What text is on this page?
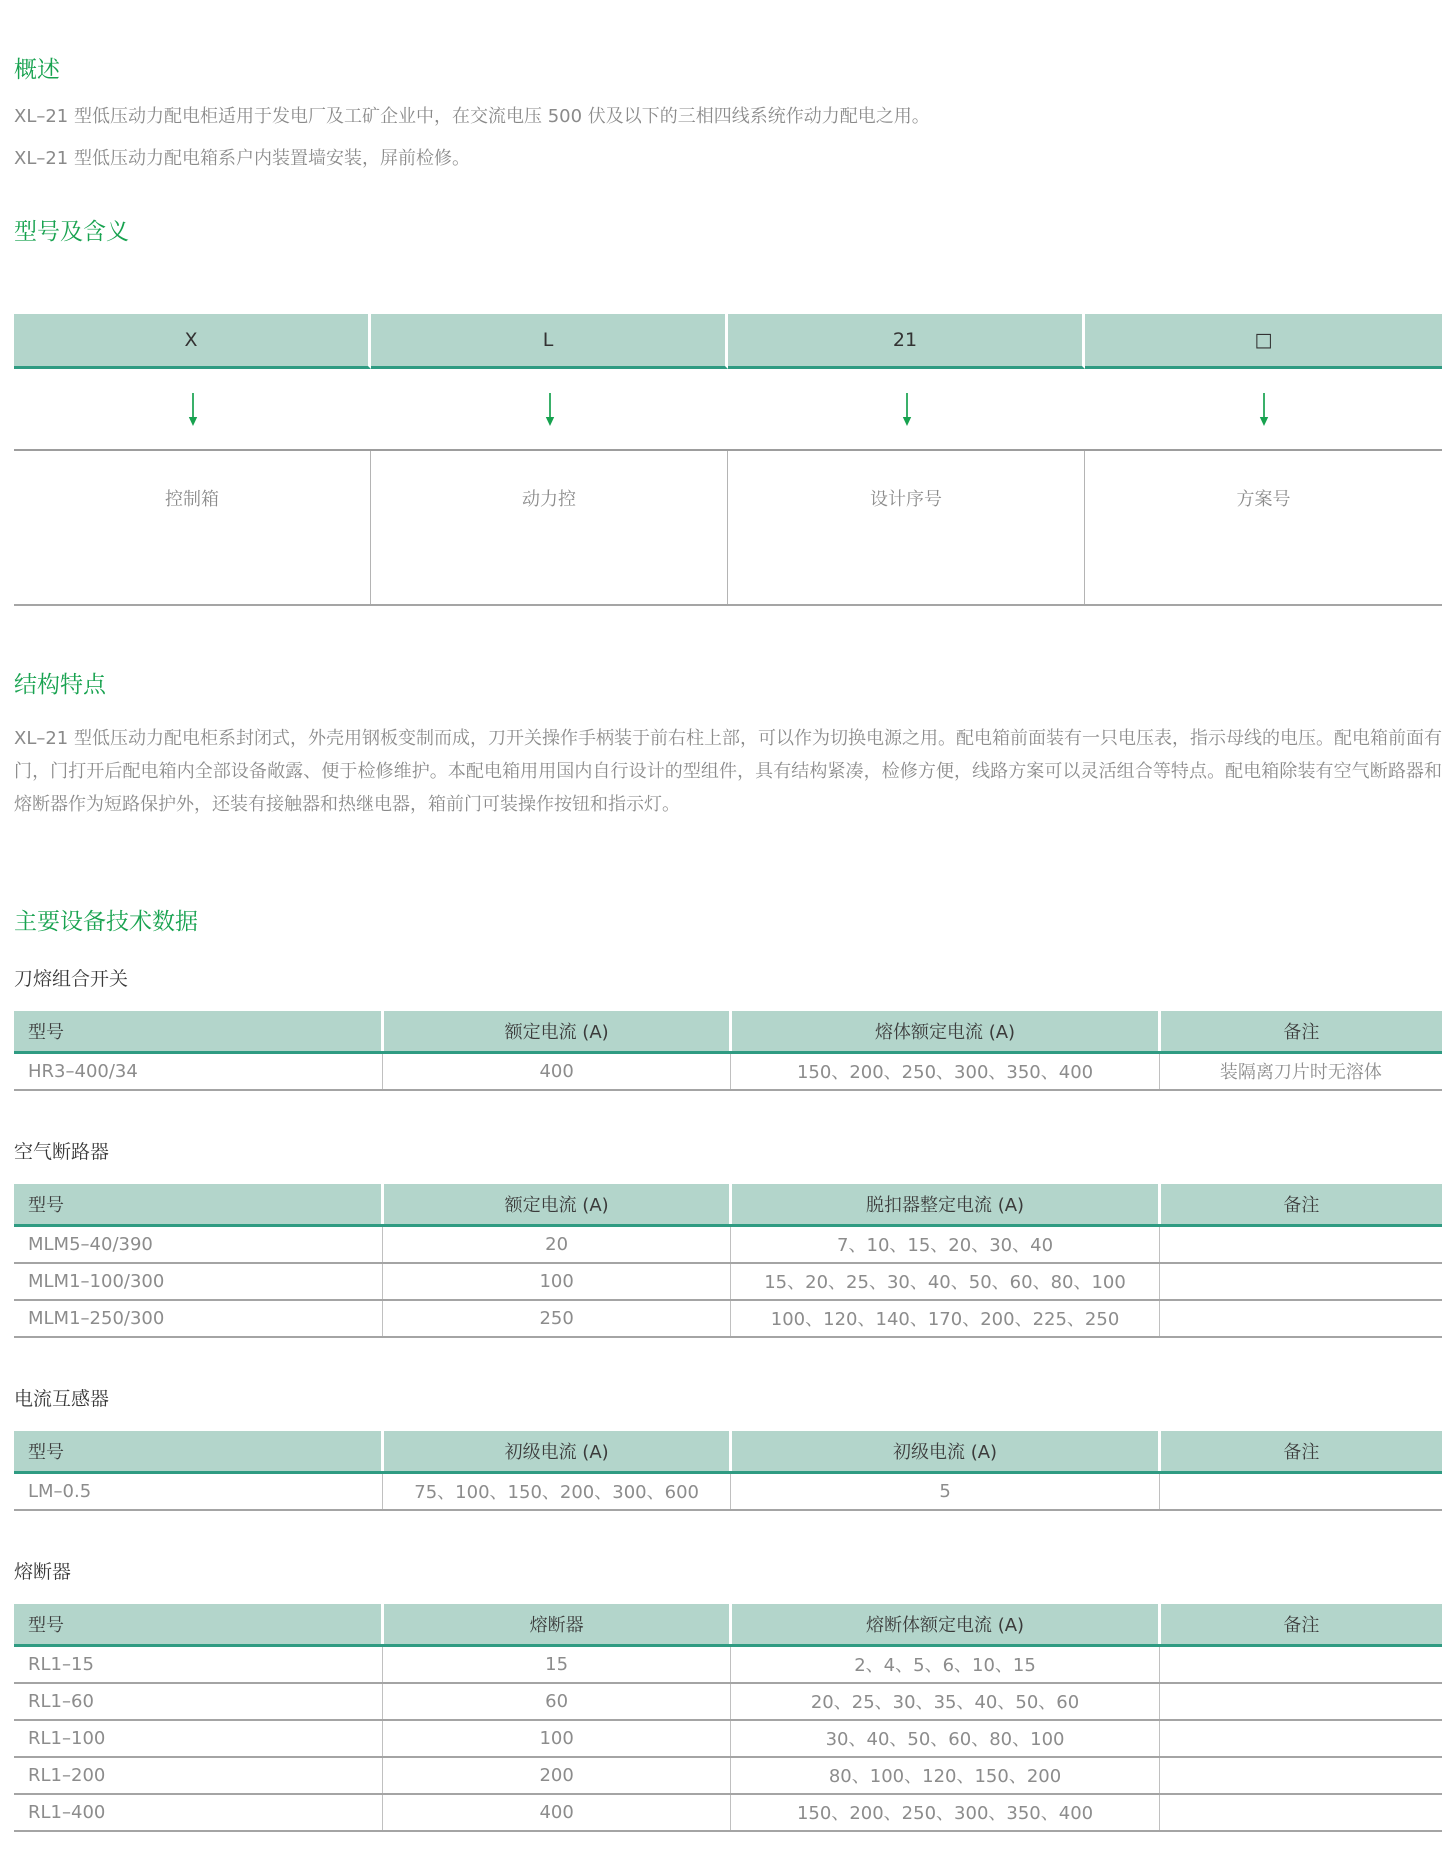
概述

XL–21 型低压动力配电柜适用于发电厂及工矿企业中，在交流电压 500 伏及以下的三相四线系统作动力配电之用。

XL–21 型低压动力配电箱系户内装置墙安装，屏前检修。

型号及含义
X	L	21	□
控制箱	动力控	设计序号	方案号
结构特点

XL–21 型低压动力配电柜系封闭式，外壳用钢板变制而成，刀开关操作手柄装于前右柱上部，可以作为切换电源之用。配电箱前面装有一只电压表，指示母线的电压。配电箱前面有门，门打开后配电箱内全部设备敞露、便于检修维护。本配电箱用用国内自行设计的型组件，具有结构紧凑，检修方便，线路方案可以灵活组合等特点。配电箱除装有空气断路器和熔断器作为短路保护外，还装有接触器和热继电器，箱前门可装操作按钮和指示灯。

主要设备技术数据
刀熔组合开关
型号	额定电流 (A)	熔体额定电流 (A)	备注
HR3–400/34	400	150、200、250、300、350、400	装隔离刀片时无溶体
空气断路器
型号	额定电流 (A)	脱扣器整定电流 (A)	备注
MLM5–40/390	20	7、10、15、20、30、40	
MLM1–100/300	100	15、20、25、30、40、50、60、80、100	
MLM1–250/300	250	100、120、140、170、200、225、250	
电流互感器
型号	初级电流 (A)	初级电流 (A)	备注
LM–0.5	75、100、150、200、300、600	5	
熔断器
型号	熔断器	熔断体额定电流 (A)	备注
RL1–15	15	2、4、5、6、10、15	
RL1–60	60	20、25、30、35、40、50、60	
RL1–100	100	30、40、50、60、80、100	
RL1–200	200	80、100、120、150、200	
RL1–400	400	150、200、250、300、350、400	
